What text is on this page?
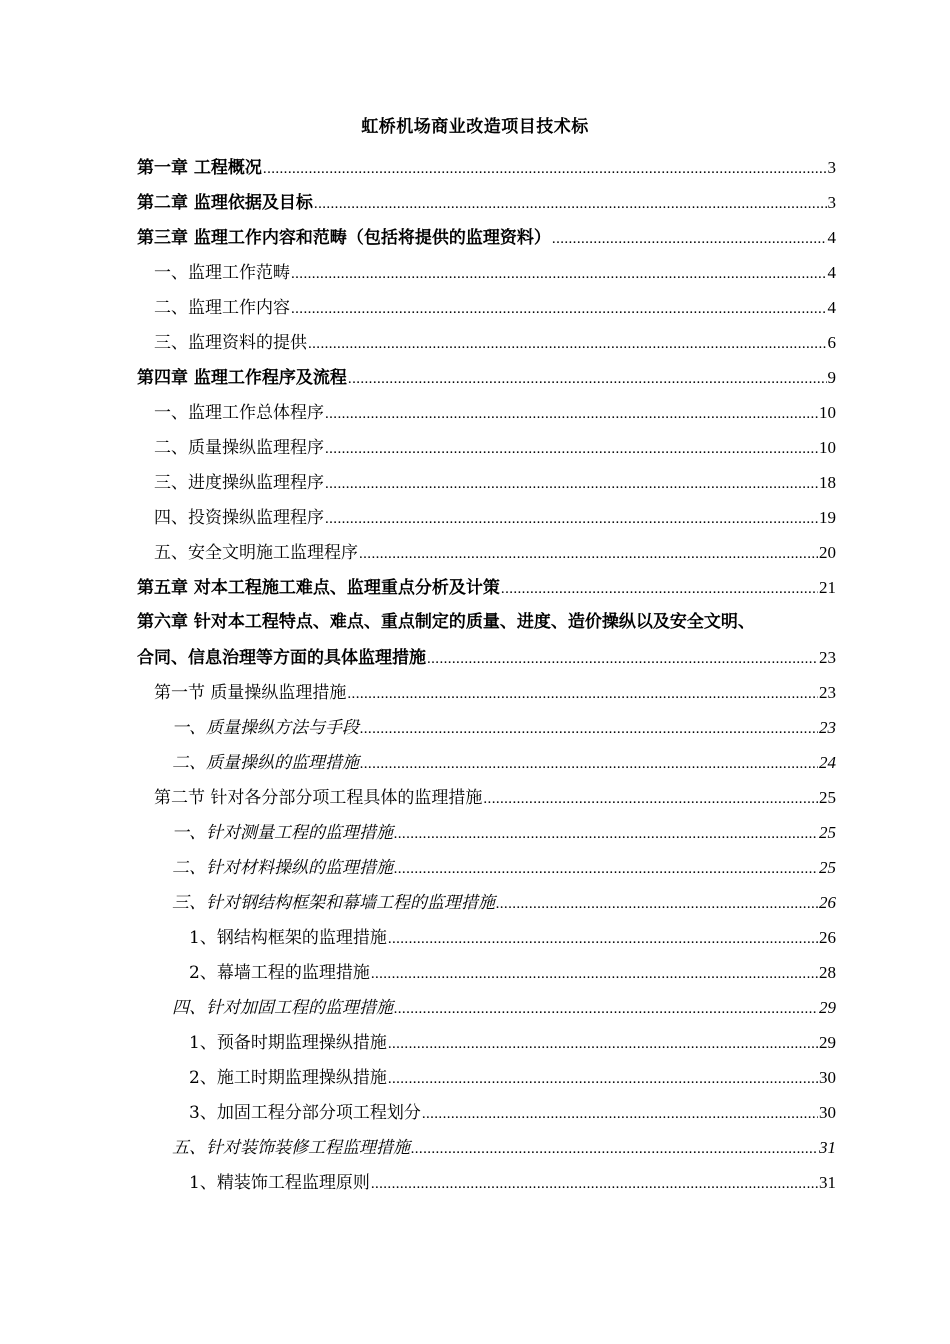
虹桥机场商业改造项目技术标
第一章 工程概况 .....	3
第二章 监理依据及目标 .....	3
第三章 监理工作内容和范畴（包括将提供的监理资料） .....	4
一、监理工作范畴 .....	4
二、监理工作内容 .....	4
三、监理资料的提供 .....	6
第四章 监理工作程序及流程 .....	9
一、监理工作总体程序 .....	10
二、质量操纵监理程序 .....	10
三、进度操纵监理程序 .....	18
四、投资操纵监理程序 .....	19
五、安全文明施工监理程序 .....	20
第五章 对本工程施工难点、监理重点分析及计策 .....	21
第六章 针对本工程特点、难点、重点制定的质量、进度、造价操纵以及安全文明、
合同、信息治理等方面的具体监理措施 .....	23
第一节 质量操纵监理措施 .....	23
一、质量操纵方法与手段 .....	23
二、质量操纵的监理措施 .....	24
第二节 针对各分部分项工程具体的监理措施 .....	25
一、针对测量工程的监理措施 .....	25
二、针对材料操纵的监理措施 .....	25
三、针对钢结构框架和幕墙工程的监理措施 .....	26
1、钢结构框架的监理措施 .....	26
2、幕墙工程的监理措施 .....	28
四、针对加固工程的监理措施 .....	29
1、预备时期监理操纵措施 .....	29
2、施工时期监理操纵措施 .....	30
3、加固工程分部分项工程划分 .....	30
五、针对装饰装修工程监理措施 .....	31
1、精装饰工程监理原则 .....	31
